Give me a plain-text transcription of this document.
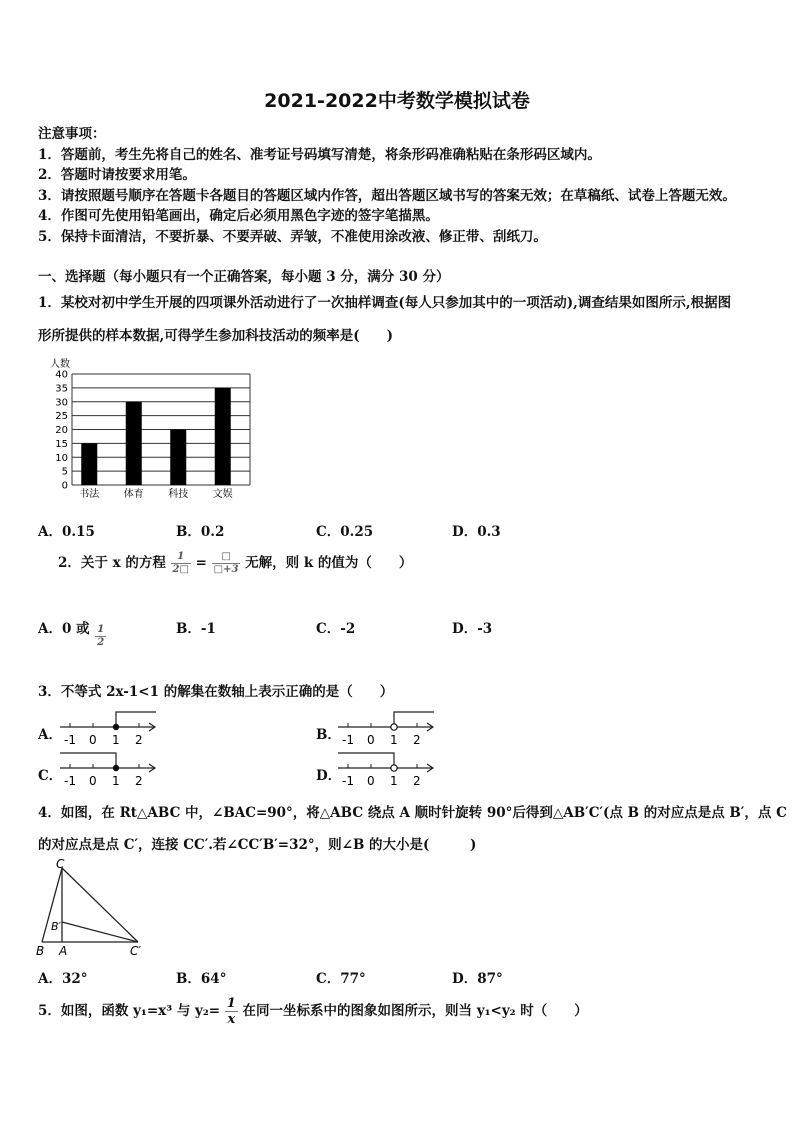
2021-2022中考数学模拟试卷
注意事项：
1．答题前，考生先将自己的姓名、准考证号码填写清楚，将条形码准确粘贴在条形码区域内。
2．答题时请按要求用笔。
3．请按照题号顺序在答题卡各题目的答题区域内作答，超出答题区域书写的答案无效；在草稿纸、试卷上答题无效。
4．作图可先使用铅笔画出，确定后必须用黑色字迹的签字笔描黑。
5．保持卡面清洁，不要折暴、不要弄破、弄皱，不准使用涂改液、修正带、刮纸刀。
一、选择题（每小题只有一个正确答案，每小题 3 分，满分 30 分）
1．某校对初中学生开展的四项课外活动进行了一次抽样调查(每人只参加其中的一项活动),调查结果如图所示,根据图
形所提供的样本数据,可得学生参加科技活动的频率是(　　)
0
5
10
15
20
25
30
35
40
书法 体育 科技 文娱
人数
A．0.15	B．0.2	C．0.25	D．0.3
2．关于 x 的方程 $\frac{1}{2□} = \frac{□}{□+3}$ 无解，则 k 的值为（　　）
A．0 或 $\frac{1}{2}$	B．-1	C．-2	D．-3
3．不等式 2x-1<1 的解集在数轴上表示正确的是（　　）
A．	B．
C．	D．
-1 0 1 2	-1 0 1 2
-1 0 1 2	-1 0 1 2
4．如图，在 Rt△ABC 中，∠BAC=90°，将△ABC 绕点 A 顺时针旋转 90°后得到△AB′C′(点 B 的对应点是点 B′，点 C
的对应点是点 C′，连接 CC′.若∠CC′B′=32°，则∠B 的大小是(　　　)
C
B′
B A	C′
A．32°	B．64°	C．77°	D．87°
5．如图，函数 y₁=x³ 与 $y_2= \frac{1}{x}$ 在同一坐标系中的图象如图所示，则当 y₁<y₂ 时（　　）
